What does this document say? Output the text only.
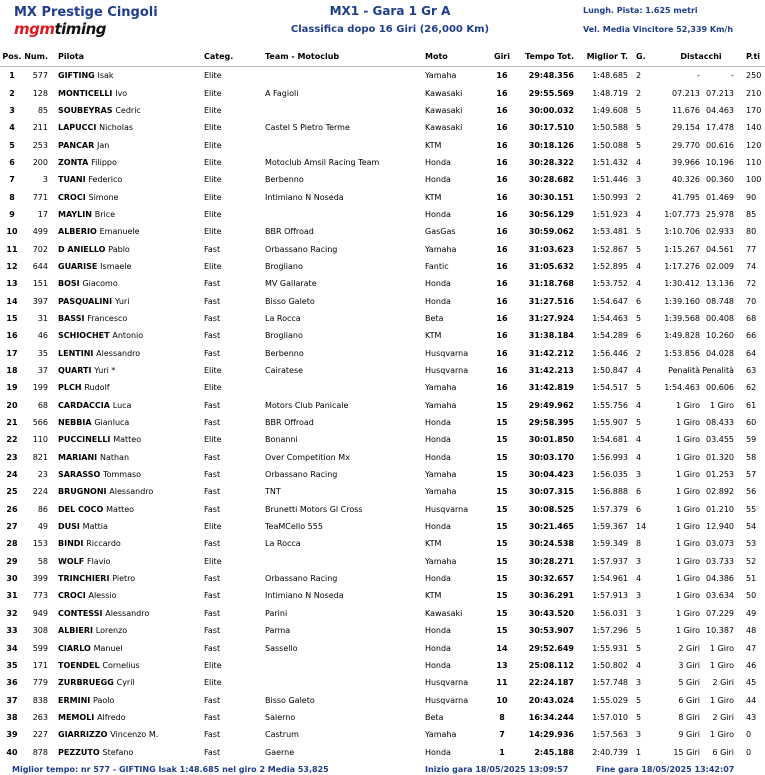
MX Prestige Cingoli
mgmtiming
MX1 - Gara 1 Gr A
Classifica dopo 16 Giri (26,000 Km)
Lungh. Pista: 1.625 metri
Vel. Media Vincitore 52,339 Km/h
Pos.	Num.	Pilota	Categ.	Team - Motoclub	Moto	Giri	Tempo Tot.	Miglior T.	G.	Distacchi		P.ti
1	577	GIFTING Isak	Elite		Yamaha	16	29:48.356	1:48.685	2	-	-	250
2	128	MONTICELLI Ivo	Elite	A Fagioli	Kawasaki	16	29:55.569	1:48.719	2	07.213	07.213	210
3	85	SOUBEYRAS Cedric	Elite		Kawasaki	16	30:00.032	1:49.608	5	11.676	04.463	170
4	211	LAPUCCI Nicholas	Elite	Castel S Pietro Terme	Kawasaki	16	30:17.510	1:50.588	5	29.154	17.478	140
5	253	PANCAR Jan	Elite		KTM	16	30:18.126	1:50.088	5	29.770	00.616	120
6	200	ZONTA Filippo	Elite	Motoclub Amsil Racing Team	Honda	16	30:28.322	1:51.432	4	39.966	10.196	110
7	3	TUANI Federico	Elite	Berbenno	Honda	16	30:28.682	1:51.446	3	40.326	00.360	100
8	771	CROCI Simone	Elite	Intimiano N Noseda	KTM	16	30:30.151	1:50.993	2	41.795	01.469	90
9	17	MAYLIN Brice	Elite		Honda	16	30:56.129	1:51.923	4	1:07.773	25.978	85
10	499	ALBERIO Emanuele	Elite	BBR Offroad	GasGas	16	30:59.062	1:53.481	5	1:10.706	02.933	80
11	702	D ANIELLO Pablo	Fast	Orbassano Racing	Yamaha	16	31:03.623	1:52.867	5	1:15.267	04.561	77
12	644	GUARISE Ismaele	Elite	Brogliano	Fantic	16	31:05.632	1:52.895	4	1:17.276	02.009	74
13	151	BOSI Giacomo	Fast	MV Gallarate	Honda	16	31:18.768	1:53.752	4	1:30.412	13.136	72
14	397	PASQUALINI Yuri	Fast	Bisso Galeto	Honda	16	31:27.516	1:54.647	6	1:39.160	08.748	70
15	31	BASSI Francesco	Fast	La Rocca	Beta	16	31:27.924	1:54.463	5	1:39.568	00.408	68
16	46	SCHIOCHET Antonio	Fast	Brogliano	KTM	16	31:38.184	1:54.289	6	1:49.828	10.260	66
17	35	LENTINI Alessandro	Fast	Berbenno	Husqvarna	16	31:42.212	1:56.446	2	1:53.856	04.028	64
18	37	QUARTI Yuri *	Elite	Cairatese	Husqvarna	16	31:42.213	1:50.847	4	Penalità	Penalità	63
19	199	PLCH Rudolf	Elite		Yamaha	16	31:42.819	1:54.517	5	1:54.463	00.606	62
20	68	CARDACCIA Luca	Fast	Motors Club Panicale	Yamaha	15	29:49.962	1:55.756	4	1 Giro	1 Giro	61
21	566	NEBBIA Gianluca	Fast	BBR Offroad	Honda	15	29:58.395	1:55.907	5	1 Giro	08.433	60
22	110	PUCCINELLI Matteo	Elite	Bonanni	Honda	15	30:01.850	1:54.681	4	1 Giro	03.455	59
23	821	MARIANI Nathan	Fast	Over Competition Mx	Honda	15	30:03.170	1:56.993	4	1 Giro	01.320	58
24	23	SARASSO Tommaso	Fast	Orbassano Racing	Yamaha	15	30:04.423	1:56.035	3	1 Giro	01.253	57
25	224	BRUGNONI Alessandro	Fast	TNT	Yamaha	15	30:07.315	1:56.888	6	1 Giro	02.892	56
26	86	DEL COCO Matteo	Fast	Brunetti Motors Gl Cross	Husqvarna	15	30:08.525	1:57.379	6	1 Giro	01.210	55
27	49	DUSI Mattia	Elite	TeaMCello 555	Honda	15	30:21.465	1:59.367	14	1 Giro	12.940	54
28	153	BINDI Riccardo	Fast	La Rocca	KTM	15	30:24.538	1:59.349	8	1 Giro	03.073	53
29	58	WOLF Flavio	Elite		Yamaha	15	30:28.271	1:57.937	3	1 Giro	03.733	52
30	399	TRINCHIERI Pietro	Fast	Orbassano Racing	Honda	15	30:32.657	1:54.961	4	1 Giro	04.386	51
31	773	CROCI Alessio	Fast	Intimiano N Noseda	KTM	15	30:36.291	1:57.913	3	1 Giro	03.634	50
32	949	CONTESSI Alessandro	Fast	Parini	Kawasaki	15	30:43.520	1:56.031	3	1 Giro	07.229	49
33	308	ALBIERI Lorenzo	Fast	Parma	Honda	15	30:53.907	1:57.296	5	1 Giro	10.387	48
34	599	CIARLO Manuel	Fast	Sassello	Honda	14	29:52.649	1:55.931	5	2 Giri	1 Giro	47
35	171	TOENDEL Cornelius	Elite		Honda	13	25:08.112	1:50.802	4	3 Giri	1 Giro	46
36	779	ZURBRUEGG Cyril	Elite		Husqvarna	11	22:24.187	1:57.748	3	5 Giri	2 Giri	45
37	838	ERMINI Paolo	Fast	Bisso Galeto	Husqvarna	10	20:43.024	1:55.029	5	6 Giri	1 Giro	44
38	263	MEMOLI Alfredo	Fast	Salerno	Beta	8	16:34.244	1:57.010	5	8 Giri	2 Giri	43
39	227	GIARRIZZO Vincenzo M.	Fast	Castrum	Yamaha	7	14:29.936	1:57.563	3	9 Giri	1 Giro	0
40	878	PEZZUTO Stefano	Fast	Gaerne	Honda	1	2:45.188	2:40.739	1	15 Giri	6 Giri	0
Miglior tempo: nr 577 - GIFTING Isak 1:48.685 nel giro 2 Media 53,825	Inizio gara 18/05/2025 13:09:57	Fine gara 18/05/2025 13:42:07
